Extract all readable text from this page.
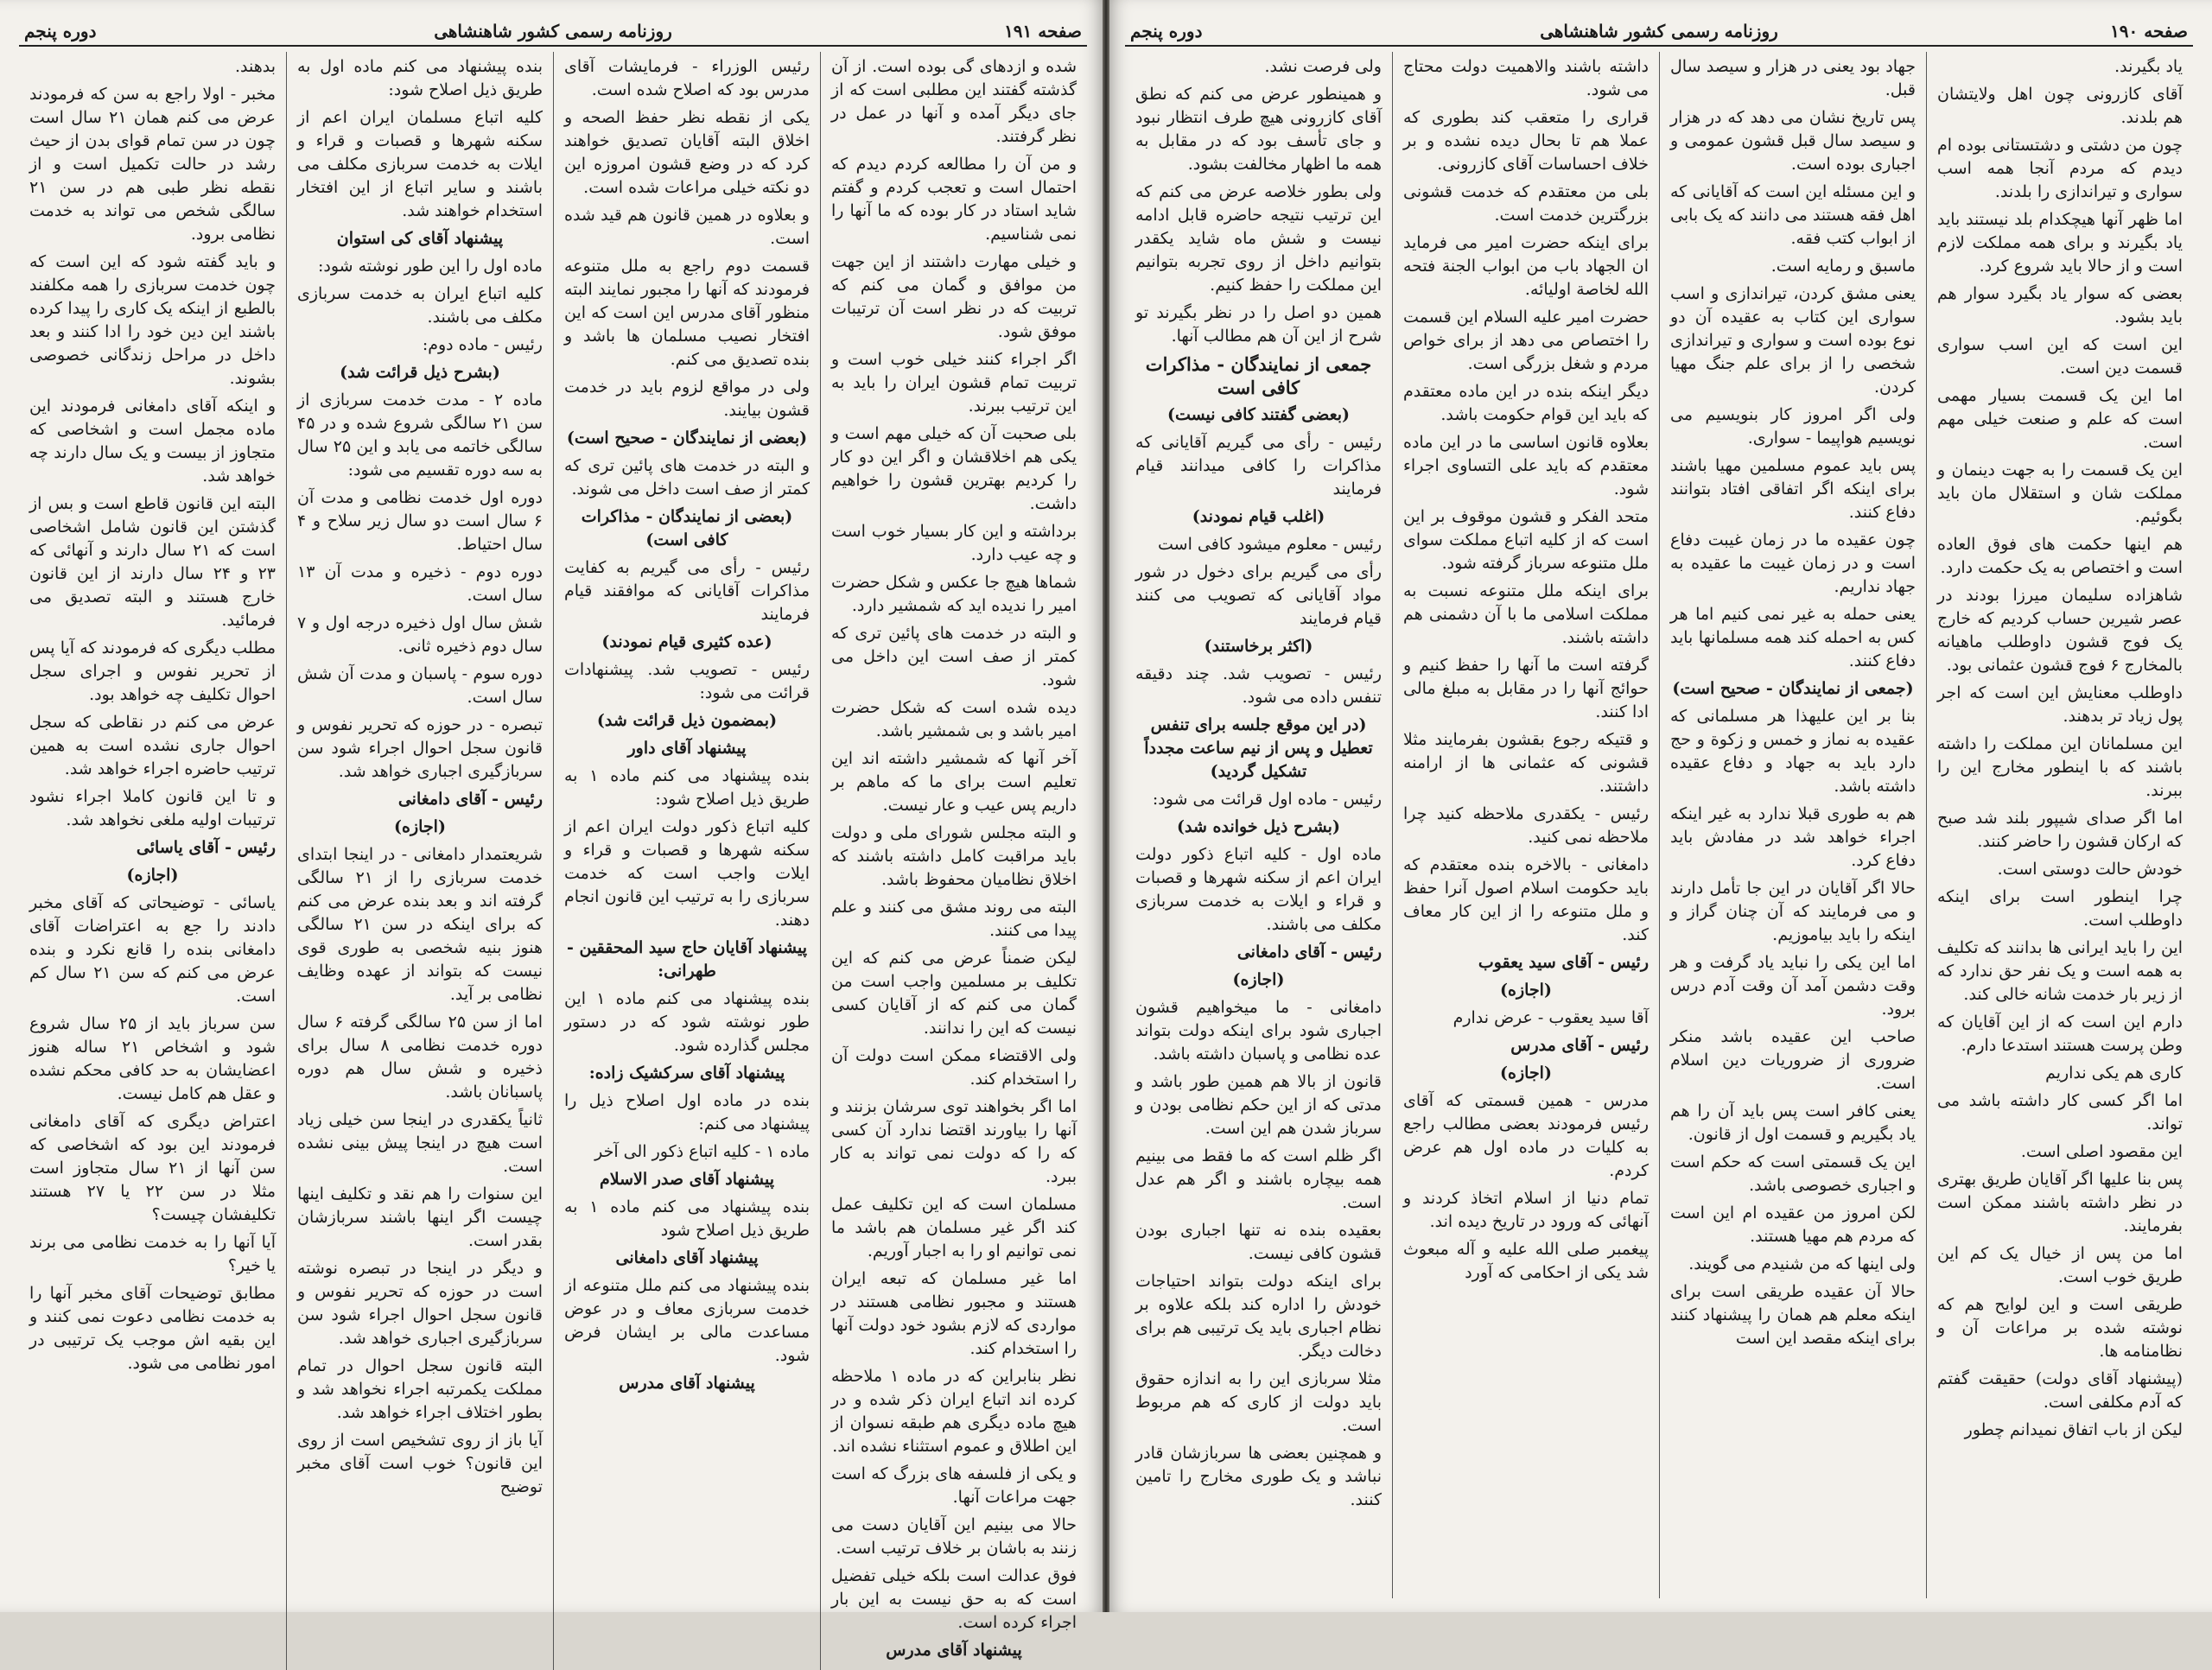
صفحه ۱۹۱
روزنامه رسمی کشور شاهنشاهی
دوره پنجم

شده و ازدهای گی بوده است. از آن گذشته گفتند این مطلبی است که از جای دیگر آمده و آنها در عمل در نظر گرفتند.

و من آن را مطالعه کردم دیدم که احتمال است و تعجب کردم و گفتم شاید استاد در کار بوده که ما آنها را نمی شناسیم.

و خیلی مهارت داشتند از این جهت من موافق و گمان می کنم که تربیت که در نظر است آن ترتیبات موفق شود.

اگر اجراء کنند خیلی خوب است و تربیت تمام قشون ایران را باید به این ترتیب ببرند.

بلی صحبت آن که خیلی مهم است و یکی هم اخلاقشان و اگر این دو کار را کردیم بهترین قشون را خواهیم داشت.

برداشته و این کار بسیار خوب است و چه عیب دارد.

شماها هیچ جا عکس و شکل حضرت امیر را ندیده اید که شمشیر دارد.

و البته در خدمت های پائین تری که کمتر از صف است این داخل می شود.

دیده شده است که شکل حضرت امیر باشد و بی شمشیر باشد.

آخر آنها که شمشیر داشته اند این تعلیم است برای ما که ماهم بر داریم پس عیب و عار نیست.

و البته مجلس شورای ملی و دولت باید مراقبت کامل داشته باشند که اخلاق نظامیان محفوظ باشد.

البته می روند مشق می کنند و علم پیدا می کنند.

لیکن ضمناً عرض می کنم که این تکلیف بر مسلمین واجب است من گمان می کنم که از آقایان کسی نیست که این را ندانند.

ولی الاقتضاء ممکن است دولت آن را استخدام کند.

اما اگر بخواهند توی سرشان بزنند و آنها را بیاورند اقتضا ندارد آن کسی که را که دولت نمی تواند به کار ببرد.

مسلمان است که این تکلیف عمل کند اگر غیر مسلمان هم باشد ما نمی توانیم او را به اجبار آوریم.

اما غیر مسلمان که تبعه ایران هستند و مجبور نظامی هستند در مواردی که لازم بشود خود دولت آنها را استخدام کند.

نظر بنابراین که در ماده ۱ ملاحظه کرده اند اتباع ایران ذکر شده و در هیچ ماده دیگری هم طبقه نسوان از این اطلاق و عموم استثناء نشده اند.

و یکی از فلسفه های بزرگ که است جهت مراعات آنها.

حالا می بینیم این آقایان دست می زنند به باشان بر خلاف ترتیب است.

فوق عدالت است بلکه خیلی تفضیل است که به حق نیست به این بار اجراء کرده است.

پیشنهاد آقای مدرس

رئیس الوزراء - فرمایشات آقای مدرس بود که اصلاح شده است.

یکی از نقطه نظر حفظ الصحه و اخلاق البته آقایان تصدیق خواهند کرد که در وضع قشون امروزه این دو نکته خیلی مراعات شده است.

و بعلاوه در همین قانون هم قید شده است.

قسمت دوم راجع به ملل متنوعه فرمودند که آنها را مجبور نمایند البته منظور آقای مدرس این است که این افتخار نصیب مسلمان ها باشد و بنده تصدیق می کنم.

ولی در مواقع لزوم باید در خدمت قشون بیایند.

(بعضی از نمایندگان - صحیح است)

و البته در خدمت های پائین تری که کمتر از صف است داخل می شوند.

(بعضی از نمایندگان - مذاکرات کافی است)

رئیس - رأی می گیریم به کفایت مذاکرات آقایانی که موافقند قیام فرمایند

(عده کثیری قیام نمودند)

رئیس - تصویب شد. پیشنهادات قرائت می شود:

(بمضمون ذیل قرائت شد)

پیشنهاد آقای داور

بنده پیشنهاد می کنم ماده ۱ به طریق ذیل اصلاح شود:

کلیه اتباع ذکور دولت ایران اعم از سکنه شهرها و قصبات و قراء و ایلات واجب است که خدمت سربازی را به ترتیب این قانون انجام دهند.

پیشنهاد آقایان حاج سید المحققین - طهرانی:

بنده پیشنهاد می کنم ماده ۱ این طور نوشته شود که در دستور مجلس گذارده شود.

پیشنهاد آقای سرکشیک زاده:

بنده در ماده اول اصلاح ذیل را پیشنهاد می کنم:

ماده ۱ - کلیه اتباع ذکور الی آخر

پیشنهاد آقای صدر الاسلام

بنده پیشنهاد می کنم ماده ۱ به طریق ذیل اصلاح شود

پیشنهاد آقای دامغانی

بنده پیشنهاد می کنم ملل متنوعه از خدمت سربازی معاف و در عوض مساعدت مالی بر ایشان فرض شود.

پیشنهاد آقای مدرس

بنده پیشنهاد می کنم ماده اول به طریق ذیل اصلاح شود:

کلیه اتباع مسلمان ایران اعم از سکنه شهرها و قصبات و قراء و ایلات به خدمت سربازی مکلف می باشند و سایر اتباع از این افتخار استخدام خواهند شد.

پیشنهاد آقای کی استوان

ماده اول را این طور نوشته شود:

کلیه اتباع ایران به خدمت سربازی مکلف می باشند.

رئیس - ماده دوم:

(بشرح ذیل قرائت شد)

ماده ۲ - مدت خدمت سربازی از سن ۲۱ سالگی شروع شده و در ۴۵ سالگی خاتمه می یابد و این ۲۵ سال به سه دوره تقسیم می شود:

دوره اول خدمت نظامی و مدت آن ۶ سال است دو سال زیر سلاح و ۴ سال احتیاط.

دوره دوم - ذخیره و مدت آن ۱۳ سال است.

شش سال اول ذخیره درجه اول و ۷ سال دوم ذخیره ثانی.

دوره سوم - پاسبان و مدت آن شش سال است.

تبصره - در حوزه که تحریر نفوس و قانون سجل احوال اجراء شود سن سربازگیری اجباری خواهد شد.

رئیس - آقای دامغانی

(اجازه)

شریعتمدار دامغانی - در اینجا ابتدای خدمت سربازی را از ۲۱ سالگی گرفته اند و بعد بنده عرض می کنم که برای اینکه در سن ۲۱ سالگی هنوز بنیه شخصی به طوری قوی نیست که بتواند از عهده وظایف نظامی بر آید.

اما از سن ۲۵ سالگی گرفته ۶ سال دوره خدمت نظامی ۸ سال برای ذخیره و شش سال هم دوره پاسبانان باشد.

ثانیاً یکقدری در اینجا سن خیلی زیاد است هیچ در اینجا پیش بینی نشده است.

این سنوات را هم نقد و تکلیف اینها چیست اگر اینها باشند سربازشان بقدر است.

و دیگر در اینجا در تبصره نوشته است در حوزه که تحریر نفوس و قانون سجل احوال اجراء شود سن سربازگیری اجباری خواهد شد.

البته قانون سجل احوال در تمام مملکت یکمرتبه اجراء نخواهد شد و بطور اختلاف اجراء خواهد شد.

آیا باز از روی تشخیص است از روی این قانون؟ خوب است آقای مخبر توضیح

بدهند.

مخبر - اولا راجع به سن که فرمودند عرض می کنم همان ۲۱ سال است چون در سن تمام قوای بدن از حیث رشد در حالت تکمیل است و از نقطه نظر طبی هم در سن ۲۱ سالگی شخص می تواند به خدمت نظامی برود.

و باید گفته شود که این است که چون خدمت سربازی را همه مکلفند بالطبع از اینکه یک کاری را پیدا کرده باشند این دین خود را ادا کنند و بعد داخل در مراحل زندگانی خصوصی بشوند.

و اینکه آقای دامغانی فرمودند این ماده مجمل است و اشخاصی که متجاوز از بیست و یک سال دارند چه خواهد شد.

البته این قانون قاطع است و بس از گذشتن این قانون شامل اشخاصی است که ۲۱ سال دارند و آنهائی که ۲۳ و ۲۴ سال دارند از این قانون خارج هستند و البته تصدیق می فرمائید.

مطلب دیگری که فرمودند که آیا پس از تحریر نفوس و اجرای سجل احوال تکلیف چه خواهد بود.

عرض می کنم در نقاطی که سجل احوال جاری نشده است به همین ترتیب حاضره اجراء خواهد شد.

و تا این قانون کاملا اجراء نشود ترتیبات اولیه ملغی نخواهد شد.

رئیس - آقای یاسائی

(اجازه)

یاسائی - توضیحاتی که آقای مخبر دادند را جع به اعتراضات آقای دامغانی بنده را قانع نکرد و بنده عرض می کنم که سن ۲۱ سال کم است.

سن سرباز باید از ۲۵ سال شروع شود و اشخاص ۲۱ ساله هنوز اعضایشان به حد کافی محکم نشده و عقل هم کامل نیست.

اعتراض دیگری که آقای دامغانی فرمودند این بود که اشخاصی که سن آنها از ۲۱ سال متجاوز است مثلا در سن ۲۲ یا ۲۷ هستند تکلیفشان چیست؟

آیا آنها را به خدمت نظامی می برند یا خیر؟

مطابق توضیحات آقای مخبر آنها را به خدمت نظامی دعوت نمی کنند و این بقیه اش موجب یک ترتیبی در امور نظامی می شود.

صفحه ۱۹۰
روزنامه رسمی کشور شاهنشاهی
دوره پنجم

یاد بگیرند.

آقای کازرونی چون اهل ولایتشان هم بلدند.

چون من دشتی و دشتستانی بوده ام دیدم که مردم آنجا همه اسب سواری و تیراندازی را بلدند.

اما ظهر آنها هیچکدام بلد نیستند باید یاد بگیرند و برای همه مملکت لازم است و از حالا باید شروع کرد.

بعضی که سوار یاد بگیرد سوار هم باید بشود.

این است که این اسب سواری قسمت دین است.

اما این یک قسمت بسیار مهمی است که علم و صنعت خیلی مهم است.

این یک قسمت را به جهت دینمان و مملکت شان و استقلال مان باید بگوئیم.

هم اینها حکمت های فوق العاده است و اختصاص به یک حکمت دارد.

شاهزاده سلیمان میرزا بودند در عصر شیرین حساب کردیم که خارج یک فوج قشون داوطلب ماهیانه بالمخارج ۶ فوج قشون عثمانی بود.

داوطلب معنایش این است که اجر پول زیاد تر بدهند.

این مسلمانان این مملکت را داشته باشند که با اینطور مخارج این را ببرند.

اما اگر صدای شیپور بلند شد صبح که ارکان قشون را حاضر کنند.

خودش حالت دوستی است.

چرا اینطور است برای اینکه داوطلب است.

این را باید ایرانی ها بدانند که تکلیف به همه است و یک نفر حق ندارد که از زیر بار خدمت شانه خالی کند.

دارم این است که از این آقایان که وطن پرست هستند استدعا دارم.

کاری هم یکی نداریم

اما اگر کسی کار داشته باشد می تواند.

این مقصود اصلی است.

پس بنا علیها اگر آقایان طریق بهتری در نظر داشته باشند ممکن است بفرمایند.

اما من پس از خیال یک کم این طریق خوب است.

طریقی است و این لوایح هم که نوشته شده بر مراعات آن و نظامنامه ها.

(پیشنهاد آقای دولت) حقیقت گفتم که آدم مکلفی است.

لیکن از باب اتفاق نمیدانم چطور

جهاد بود یعنی در هزار و سیصد سال قبل.

پس تاریخ نشان می دهد که در هزار و سیصد سال قبل قشون عمومی و اجباری بوده است.

و این مسئله این است که آقایانی که اهل فقه هستند می دانند که یک بابی از ابواب کتب فقه.

ماسبق و رمایه است.

یعنی مشق کردن، تیراندازی و اسب سواری این کتاب به عقیده آن دو نوع بوده است و سواری و تیراندازی شخصی را از برای علم جنگ مهیا کردن.

ولی اگر امروز کار بنویسیم می نویسیم هواپیما - سواری.

پس باید عموم مسلمین مهیا باشند برای اینکه اگر اتفاقی افتاد بتوانند دفاع کنند.

چون عقیده ما در زمان غیبت دفاع است و در زمان غیبت ما عقیده به جهاد نداریم.

یعنی حمله به غیر نمی کنیم اما هر کس به احمله کند همه مسلمانها باید دفاع کنند.

(جمعی از نمایندگان - صحیح است)

بنا بر این علیهذا هر مسلمانی که عقیده به نماز و خمس و زکوة و حج دارد باید به جهاد و دفاع عقیده داشته باشد.

هم به طوری قبلا ندارد به غیر اینکه اجراء خواهد شد در مفادش باید دفاع کرد.

حالا اگر آقایان در این جا تأمل دارند و می فرمایند که آن چنان گراز و اینکه را باید بیاموزیم.

اما این یکی را نباید یاد گرفت و هر وقت دشمن آمد آن وقت آدم درس برود.

صاحب این عقیده باشد منکر ضروری از ضروریات دین اسلام است.

یعنی کافر است پس باید آن را هم یاد بگیریم و قسمت اول از قانون.

این یک قسمتی است که حکم است و اجباری خصوصی باشد.

لکن امروز من عقیده ام این است که مردم هم مهیا هستند.

ولی اینها که من شنیدم می گویند.

حالا آن عقیده طریقی است برای اینکه معلم هم همان را پیشنهاد کنند برای اینکه مقصد این است

داشته باشند والاهمیت دولت محتاج می شود.

قراری را متعقب کند بطوری که عملا هم تا بحال دیده نشده و بر خلاف احساسات آقای کازرونی.

بلی من معتقدم که خدمت قشونی بزرگترین خدمت است.

برای اینکه حضرت امیر می فرماید ان الجهاد باب من ابواب الجنة فتحه الله لخاصة اولیائه.

حضرت امیر علیه السلام این قسمت را اختصاص می دهد از برای خواص مردم و شغل بزرگی است.

دیگر اینکه بنده در این ماده معتقدم که باید این قوام حکومت باشد.

بعلاوه قانون اساسی ما در این ماده معتقدم که باید علی التساوی اجراء شود.

متحد الفکر و قشون موقوف بر این است که از کلیه اتباع مملکت سوای ملل متنوعه سرباز گرفته شود.

برای اینکه ملل متنوعه نسبت به مملکت اسلامی ما با آن دشمنی هم داشته باشند.

گرفته است ما آنها را حفظ کنیم و حوائج آنها را در مقابل به مبلغ مالی ادا کنند.

و قتیکه رجوع بقشون بفرمایند مثلا قشونی که عثمانی ها از ارامنه داشتند.

رئیس - یکقدری ملاحظه کنید چرا ملاحظه نمی کنید.

دامغانی - بالاخره بنده معتقدم که باید حکومت اسلام اصول آنرا حفظ و ملل متنوعه را از این کار معاف کند.

رئیس - آقای سید یعقوب

(اجازه)

آقا سید یعقوب - عرض ندارم

رئیس - آقای مدرس

(اجازه)

مدرس - همین قسمتی که آقای رئیس فرمودند بعضی مطالب راجع به کلیات در ماده اول هم عرض کردم.

تمام دنیا از اسلام اتخاذ کردند و آنهائی که ورود در تاریخ دیده اند.

پیغمبر صلی الله علیه و آله مبعوث شد یکی از احکامی که آورد

ولی فرصت نشد.

و همینطور عرض می کنم که نطق آقای کازرونی هیچ طرف انتظار نبود و جای تأسف بود که در مقابل به همه ما اظهار مخالفت بشود.

ولی بطور خلاصه عرض می کنم که این ترتیب نتیجه حاضره قابل ادامه نیست و شش ماه شاید یکقدر بتوانیم داخل از روی تجربه بتوانیم این مملکت را حفظ کنیم.

همین دو اصل را در نظر بگیرند تو شرح از این آن هم مطالب آنها.

جمعی از نمایندگان - مذاکرات کافی است

(بعضی گفتند کافی نیست)

رئیس - رأی می گیریم آقایانی که مذاکرات را کافی میدانند قیام فرمایند

(اغلب قیام نمودند)

رئیس - معلوم میشود کافی است

رأی می گیریم برای دخول در شور مواد آقایانی که تصویب می کنند قیام فرمایند

(اکثر برخاستند)

رئیس - تصویب شد. چند دقیقه تنفس داده می شود.

(در این موقع جلسه برای تنفس تعطیل و پس از نیم ساعت مجدداً تشکیل گردید)

رئیس - ماده اول قرائت می شود:

(بشرح ذیل خوانده شد)

ماده اول - کلیه اتباع ذکور دولت ایران اعم از سکنه شهرها و قصبات و قراء و ایلات به خدمت سربازی مکلف می باشند.

رئیس - آقای دامغانی

(اجازه)

دامغانی - ما میخواهیم قشون اجباری شود برای اینکه دولت بتواند عده نظامی و پاسبان داشته باشد.

قانون از بالا هم همین طور باشد و مدتی که از این حکم نظامی بودن و سرباز شدن هم این است.

اگر ظلم است که ما فقط می بینیم همه بیچاره باشند و اگر هم عدل است.

بعقیده بنده نه تنها اجباری بودن قشون کافی نیست.

برای اینکه دولت بتواند احتیاجات خودش را اداره کند بلکه علاوه بر نظام اجباری باید یک ترتیبی هم برای دخالت دیگر.

مثلا سربازی این را به اندازه حقوق باید دولت از کاری که هم مربوط است.

و همچنین بعضی ها سربازشان قادر نباشد و یک طوری مخارج را تامین کنند.
